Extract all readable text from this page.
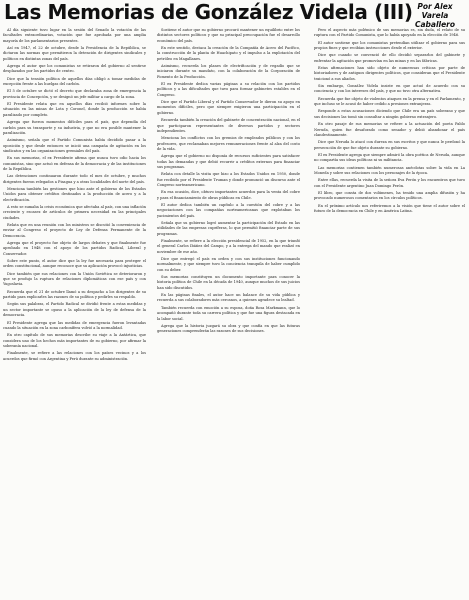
Las Memorias de González Videla (III) Por Alex
Varela Caballero

Al día siguiente tuvo lugar en la sesión del Senado la votación de las facultades extraordinarias, votación que fue aprobada por una amplia mayoría de los parlamentarios presentes.

Así en 1947, el 22 de octubre, desde la Presidencia de la República, se dictaron las normas que permitieron la detención de dirigentes sindicales y políticos en distintas zonas del país.

Agrega el autor que los comunistas se retiraron del gobierno al sentirse desplazados por los partidos de centro.

Dice que la tensión política de aquellos días obligó a tomar medidas de excepción frente a las huelgas del carbón.

El 5 de octubre se dictó el decreto que declaraba zona de emergencia la provincia de Concepción, y se designó un jefe militar a cargo de la zona.

El Presidente relata que en aquellos días recibió informes sobre la situación en las minas de Lota y Coronel, donde la producción se había paralizado por completo.

Agrega que fueron momentos difíciles para el país, que dependía del carbón para su transporte y su industria, y que no era posible mantener la paralización.

Asimismo, señala que el Partido Comunista había decidido pasar a la oposición y que desde entonces se inició una campaña de agitación en los sindicatos y en las organizaciones gremiales del país.

En sus memorias, el ex Presidente afirma que nunca tuvo odio hacia los comunistas, sino que actuó en defensa de la democracia y de las instituciones de la República.

Las detenciones continuaron durante todo el mes de octubre, y muchos dirigentes fueron relegados a Pisagua y a otras localidades del norte del país.

Menciona también las gestiones que hizo ante el gobierno de los Estados Unidos para obtener créditos destinados a la producción de acero y a la electrificación.

A esto se sumaba la crisis económica que afectaba al país, con una inflación creciente y escasez de artículos de primera necesidad en las principales ciudades.

Relata que en una reunión con los ministros se discutió la conveniencia de enviar al Congreso el proyecto de Ley de Defensa Permanente de la Democracia.

Agrega que el proyecto fue objeto de largos debates y que finalmente fue aprobado en 1948 con el apoyo de los partidos Radical, Liberal y Conservador.

Sobre este punto, el autor dice que la ley fue necesaria para proteger el orden constitucional, aunque reconoce que su aplicación provocó injusticias.

Dice también que sus relaciones con la Unión Soviética se deterioraron y que se produjo la ruptura de relaciones diplomáticas con ese país y con Yugoslavia.

Recuerda que el 21 de octubre llamó a su despacho a los dirigentes de su partido para explicarles las razones de su política y pedirles su respaldo.

Según sus palabras, el Partido Radical se dividió frente a estas medidas y un sector importante se opuso a la aplicación de la ley de defensa de la democracia.

El Presidente agrega que las medidas de emergencia fueron levantadas cuando la situación en la zona carbonífera volvió a la normalidad.

En otro capítulo de sus memorias describe su viaje a la Antártica, que considera uno de los hechos más importantes de su gobierno, por afirmar la soberanía nacional.

Finalmente, se refiere a las relaciones con los países vecinos y a los acuerdos que firmó con Argentina y Perú durante su administración.

Sostiene el autor que su gobierno procuró mantener un equilibrio entre los distintos sectores políticos y que su principal preocupación fue el desarrollo económico del país.

En este sentido, destaca la creación de la Compañía de Acero del Pacífico, la construcción de la planta de Huachipato y el impulso a la explotación del petróleo en Magallanes.

Asimismo, recuerda los planes de electrificación y de regadío que se iniciaron durante su mandato, con la colaboración de la Corporación de Fomento de la Producción.

El ex Presidente dedica varias páginas a su relación con los partidos políticos y a las dificultades que tuvo para formar gabinetes estables en el Congreso.

Dice que el Partido Liberal y el Partido Conservador le dieron su apoyo en momentos difíciles, pero que siempre exigieron una participación en el gobierno.

Recuerda también la creación del gabinete de concentración nacional, en el que participaron representantes de diversos partidos y sectores independientes.

Menciona los conflictos con los gremios de empleados públicos y con los profesores, que reclamaban mejores remuneraciones frente al alza del costo de la vida.

Agrega que el gobierno no disponía de recursos suficientes para satisfacer todas las demandas y que debió recurrir a créditos externos para financiar sus programas.

Relata con detalle la visita que hizo a los Estados Unidos en 1950, donde fue recibido por el Presidente Truman y donde pronunció un discurso ante el Congreso norteamericano.

En esa ocasión, dice, obtuvo importantes acuerdos para la venta del cobre y para el financiamiento de obras públicas en Chile.

El autor dedica también un capítulo a la cuestión del cobre y a las negociaciones con las compañías norteamericanas que explotaban los yacimientos del país.

Señala que su gobierno logró aumentar la participación del Estado en las utilidades de las empresas cupríferas, lo que permitió financiar parte de sus programas.

Finalmente, se refiere a la elección presidencial de 1952, en la que triunfó el general Carlos Ibáñez del Campo, y a la entrega del mando que realizó en noviembre de ese año.

Dice que entregó el país en orden y con sus instituciones funcionando normalmente, y que siempre tuvo la conciencia tranquila de haber cumplido con su deber.

Sus memorias constituyen un documento importante para conocer la historia política de Chile en la década de 1940, aunque muchos de sus juicios han sido discutidos.

En las páginas finales, el autor hace un balance de su vida pública y recuerda a sus colaboradores más cercanos, a quienes agradece su lealtad.

También recuerda con emoción a su esposa, doña Rosa Markmann, que lo acompañó durante toda su carrera política y que fue una figura destacada en la labor social.

Agrega que la historia juzgará su obra y que confía en que las futuras generaciones comprenderán las razones de sus decisiones.

Pero el aspecto más polémico de sus memorias es, sin duda, el relato de su ruptura con el Partido Comunista, que lo había apoyado en la elección de 1946.

El autor sostiene que los comunistas pretendían utilizar el gobierno para sus propios fines y que recibían instrucciones desde el exterior.

Dice que cuando se convenció de ello decidió separarlos del gabinete y enfrentar la agitación que promovían en las minas y en las fábricas.

Estas afirmaciones han sido objeto de numerosas críticas por parte de historiadores y de antiguos dirigentes políticos, que consideran que el Presidente traicionó a sus aliados.

Sin embargo, González Videla insiste en que actuó de acuerdo con su conciencia y con los intereses del país, y que no tuvo otra alternativa.

Recuerda que fue objeto de violentos ataques en la prensa y en el Parlamento, y que incluso se le acusó de haber cedido a presiones extranjeras.

Responde a estas acusaciones diciendo que Chile era un país soberano y que sus decisiones las tomó sin consultar a ningún gobierno extranjero.

En otro pasaje de sus memorias se refiere a la actuación del poeta Pablo Neruda, quien fue desaforado como senador y debió abandonar el país clandestinamente.

Dice que Neruda lo atacó con dureza en sus escritos y que nunca le perdonó la persecución de que fue objeto durante su gobierno.

El ex Presidente agrega que siempre admiró la obra poética de Neruda, aunque no compartía sus ideas políticas ni su militancia.

Las memorias contienen también numerosas anécdotas sobre la vida en La Moneda y sobre sus relaciones con los personajes de la época.

Entre ellas, recuerda la visita de la señora Eva Perón y los encuentros que tuvo con el Presidente argentino Juan Domingo Perón.

El libro, que consta de dos volúmenes, ha tenido una amplia difusión y ha provocado numerosos comentarios en los círculos políticos.

En el próximo artículo nos referiremos a la visión que tiene el autor sobre el futuro de la democracia en Chile y en América Latina.
